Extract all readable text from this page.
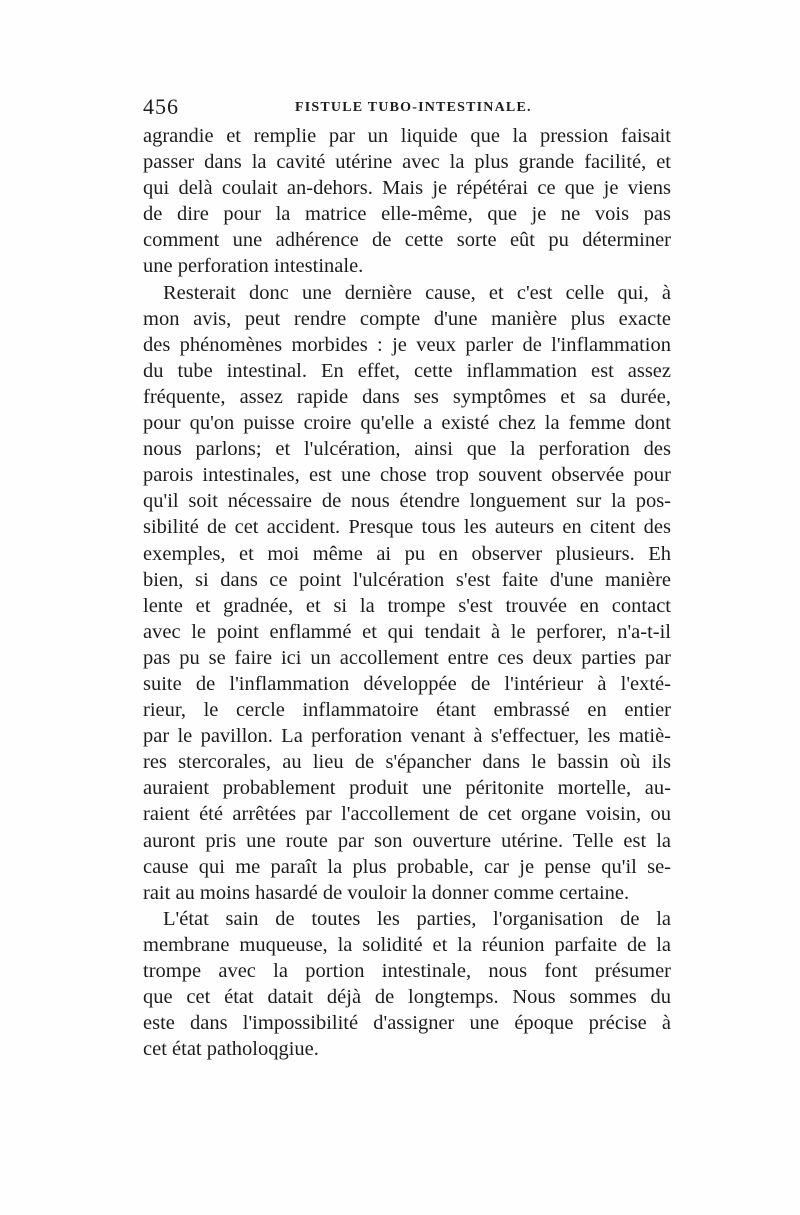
456	FISTULE TUBO-INTESTINALE.
agrandie et remplie par un liquide que la pression faisait
passer dans la cavité utérine avec la plus grande facilité, et
qui delà coulait an-dehors. Mais je répétérai ce que je viens
de dire pour la matrice elle-même, que je ne vois pas
comment une adhérence de cette sorte eût pu déterminer
une perforation intestinale.
Resterait donc une dernière cause, et c'est celle qui, à
mon avis, peut rendre compte d'une manière plus exacte
des phénomènes morbides : je veux parler de l'inflammation
du tube intestinal. En effet, cette inflammation est assez
fréquente, assez rapide dans ses symptômes et sa durée,
pour qu'on puisse croire qu'elle a existé chez la femme dont
nous parlons; et l'ulcération, ainsi que la perforation des
parois intestinales, est une chose trop souvent observée pour
qu'il soit nécessaire de nous étendre longuement sur la pos-
sibilité de cet accident. Presque tous les auteurs en citent des
exemples, et moi même ai pu en observer plusieurs. Eh
bien, si dans ce point l'ulcération s'est faite d'une manière
lente et gradnée, et si la trompe s'est trouvée en contact
avec le point enflammé et qui tendait à le perforer, n'a-t-il
pas pu se faire ici un accollement entre ces deux parties par
suite de l'inflammation développée de l'intérieur à l'exté-
rieur, le cercle inflammatoire étant embrassé en entier
par le pavillon. La perforation venant à s'effectuer, les matiè-
res stercorales, au lieu de s'épancher dans le bassin où ils
auraient probablement produit une péritonite mortelle, au-
raient été arrêtées par l'accollement de cet organe voisin, ou
auront pris une route par son ouverture utérine. Telle est la
cause qui me paraît la plus probable, car je pense qu'il se-
rait au moins hasardé de vouloir la donner comme certaine.
L'état sain de toutes les parties, l'organisation de la
membrane muqueuse, la solidité et la réunion parfaite de la
trompe avec la portion intestinale, nous font présumer
que cet état datait déjà de longtemps. Nous sommes du
este dans l'impossibilité d'assigner une époque précise à
cet état patholoqgiue.
